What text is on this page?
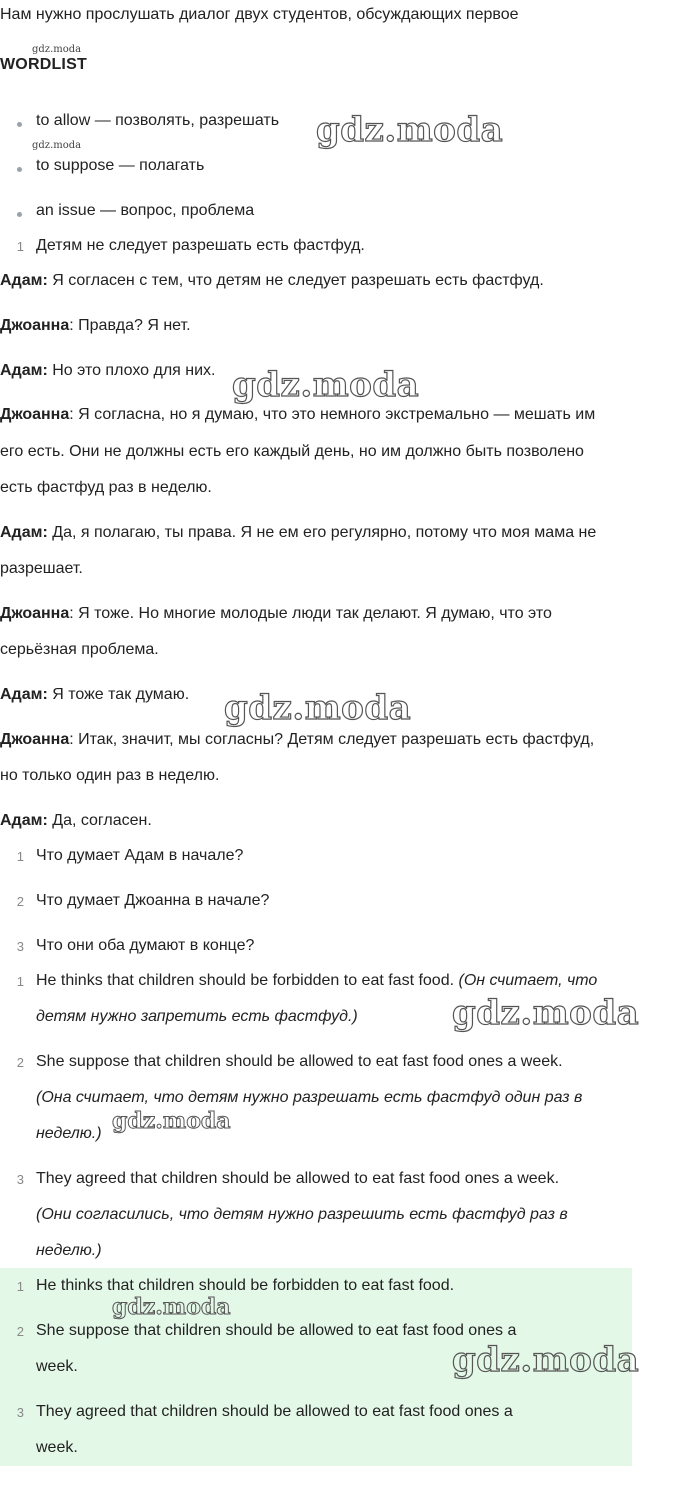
Нам нужно прослушать диалог двух студентов, обсуждающих первое
gdz.moda
WORDLIST
to allow — позволять, разрешать
gdz.moda
to suppose — полагать
an issue — вопрос, проблема
1 Детям не следует разрешать есть фастфуд.
Адам: Я согласен с тем, что детям не следует разрешать есть фастфуд.
Джоанна: Правда? Я нет.
Адам: Но это плохо для них.
Джоанна: Я согласна, но я думаю, что это немного экстремально — мешать им
его есть. Они не должны есть его каждый день, но им должно быть позволено
есть фастфуд раз в неделю.
Адам: Да, я полагаю, ты права. Я не ем его регулярно, потому что моя мама не
разрешает.
Джоанна: Я тоже. Но многие молодые люди так делают. Я думаю, что это
серьёзная проблема.
Адам: Я тоже так думаю.
Джоанна: Итак, значит, мы согласны? Детям следует разрешать есть фастфуд,
но только один раз в неделю.
Адам: Да, согласен.
1 Что думает Адам в начале?
2 Что думает Джоанна в начале?
3 Что они оба думают в конце?
1 He thinks that children should be forbidden to eat fast food. (Он считает, что
детям нужно запретить есть фастфуд.)
2 She suppose that children should be allowed to eat fast food ones a week.
(Она считает, что детям нужно разрешать есть фастфуд один раз в
неделю.)
3 They agreed that children should be allowed to eat fast food ones a week.
(Они согласились, что детям нужно разрешить есть фастфуд раз в
неделю.)
1 He thinks that children should be forbidden to eat fast food.
2 She suppose that children should be allowed to eat fast food ones a
week.
3 They agreed that children should be allowed to eat fast food ones a
week.
gdz.moda
gdz.moda
gdz.moda
gdz.moda
gdz.moda
gdz.moda
gdz.moda
